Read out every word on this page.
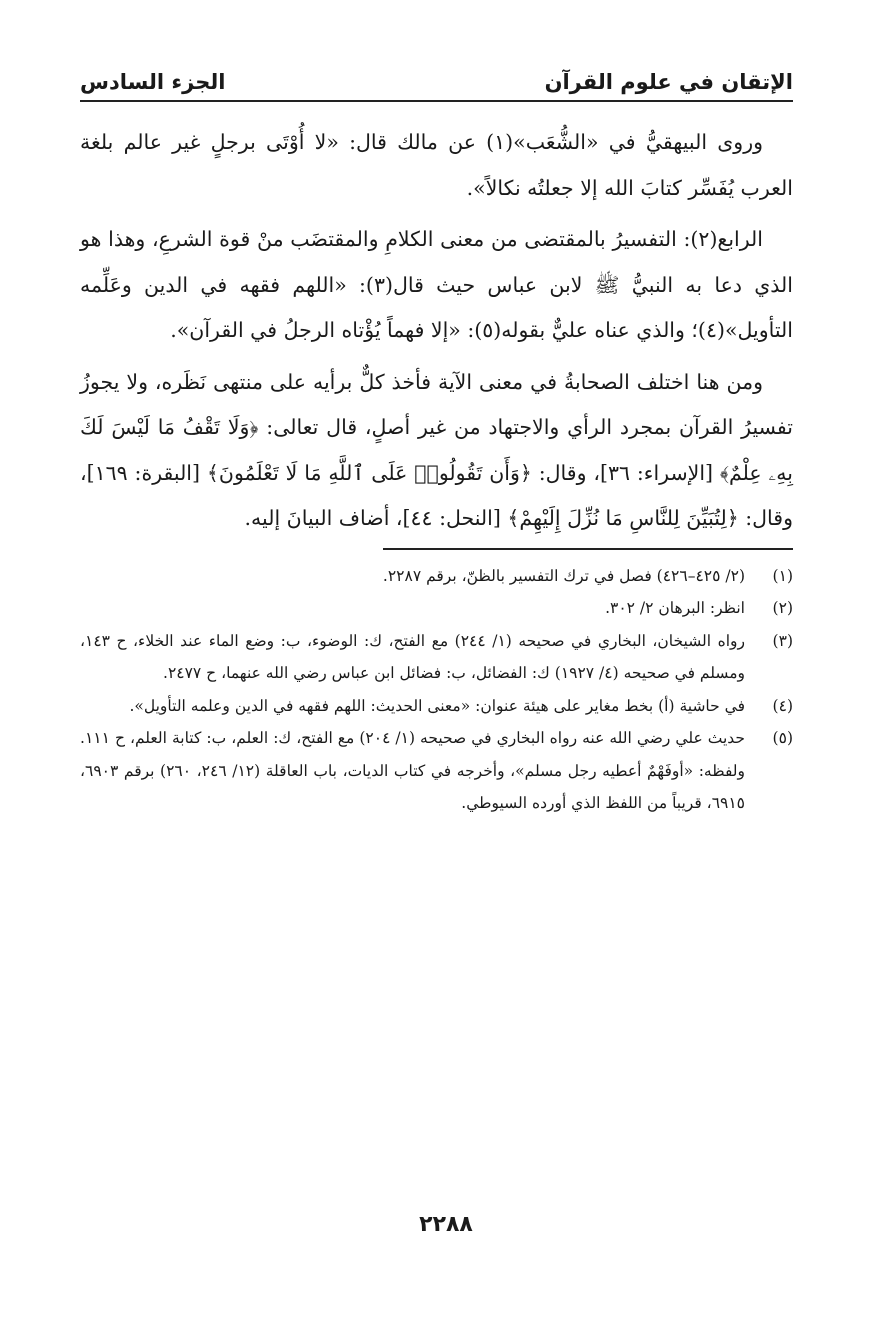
الإتقان في علوم القرآن
الجزء السادس

وروى البيهقيُّ في «الشُّعَب»(١) عن مالك قال: «لا أُوْتَى برجلٍ غير عالم بلغة العرب يُفَسِّر كتابَ الله إلا جعلتُه نكالاً».

الرابع(٢): التفسيرُ بالمقتضى من معنى الكلامِ والمقتضَب منْ قوة الشرعِ، وهذا هو الذي دعا به النبيُّ ﷺ لابن عباس حيث قال(٣): «اللهم فقهه في الدين وعَلِّمه التأويل»(٤)؛ والذي عناه عليٌّ بقوله(٥): «إلا فهماً يُؤْتاه الرجلُ في القرآن».

ومن هنا اختلف الصحابةُ في معنى الآية فأخذ كلٌّ برأيه على منتهى نَظَره، ولا يجوزُ تفسيرُ القرآن بمجرد الرأي والاجتهاد من غير أصلٍ، قال تعالى: ﴿وَلَا تَقْفُ مَا لَيْسَ لَكَ بِهِۦ عِلْمٌ﴾ [الإسراء: ٣٦]، وقال: ﴿وَأَن تَقُولُوا۟ عَلَى ٱللَّهِ مَا لَا تَعْلَمُونَ﴾ [البقرة: ١٦٩]، وقال: ﴿لِتُبَيِّنَ لِلنَّاسِ مَا نُزِّلَ إِلَيْهِمْ﴾ [النحل: ٤٤]، أضاف البيانَ إليه.

(١)
(٢/ ٤٢٥–٤٢٦) فصل في ترك التفسير بالظنّ، برقم ٢٢٨٧.
(٢)
انظر: البرهان ٢/ ٣٠٢.
(٣)
رواه الشيخان، البخاري في صحيحه (١/ ٢٤٤) مع الفتح، ك: الوضوء، ب: وضع الماء عند الخلاء، ح ١٤٣، ومسلم في صحيحه (٤/ ١٩٢٧) ك: الفضائل، ب: فضائل ابن عباس رضي الله عنهما، ح ٢٤٧٧.
(٤)
في حاشية (أ) بخط مغاير على هيئة عنوان: «معنى الحديث: اللهم فقهه في الدين وعلمه التأويل».
(٥)
حديث علي رضي الله عنه رواه البخاري في صحيحه (١/ ٢٠٤) مع الفتح، ك: العلم، ب: كتابة العلم، ح ١١١. ولفظه: «أوفَهْمٌ أعطيه رجل مسلم»، وأخرجه في كتاب الديات، باب العاقلة (١٢/ ٢٤٦، ٢٦٠) برقم ٦٩٠٣، ٦٩١٥، قريباً من اللفظ الذي أورده السيوطي.
٢٢٨٨
